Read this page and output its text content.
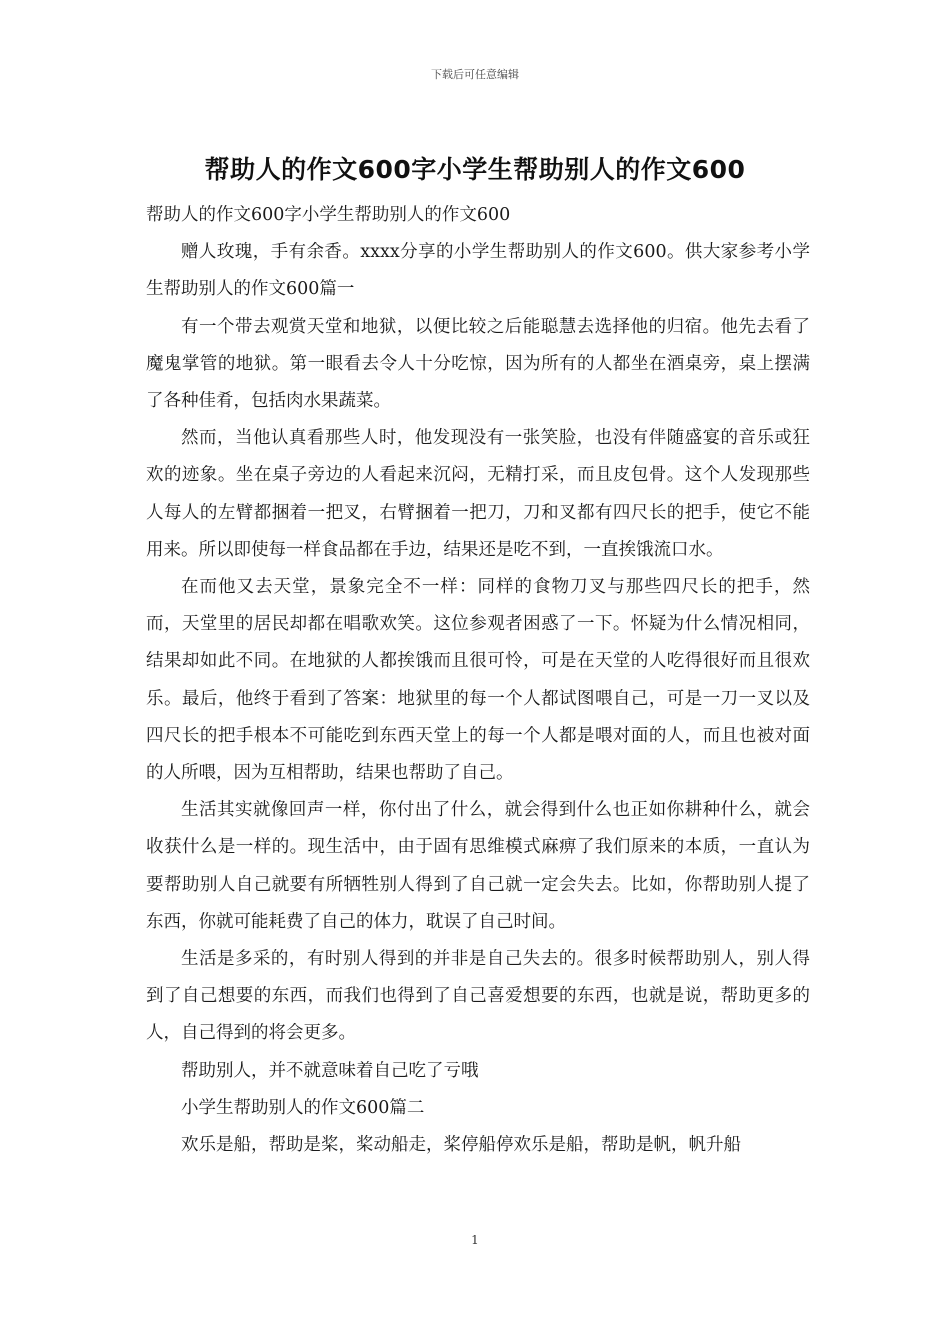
下载后可任意编辑
帮助人的作文600字小学生帮助别人的作文600

帮助人的作文600字小学生帮助别人的作文600

赠人玫瑰，手有余香。xxxx分享的小学生帮助别人的作文600。供大家参考小学生帮助别人的作文600篇一

有一个带去观赏天堂和地狱，以便比较之后能聪慧去选择他的归宿。他先去看了魔鬼掌管的地狱。第一眼看去令人十分吃惊，因为所有的人都坐在酒桌旁，桌上摆满了各种佳肴，包括肉水果蔬菜。

然而，当他认真看那些人时，他发现没有一张笑脸，也没有伴随盛宴的音乐或狂欢的迹象。坐在桌子旁边的人看起来沉闷，无精打采，而且皮包骨。这个人发现那些人每人的左臂都捆着一把叉，右臂捆着一把刀，刀和叉都有四尺长的把手，使它不能用来。所以即使每一样食品都在手边，结果还是吃不到，一直挨饿流口水。

在而他又去天堂，景象完全不一样：同样的食物刀叉与那些四尺长的把手，然而，天堂里的居民却都在唱歌欢笑。这位参观者困惑了一下。怀疑为什么情况相同，结果却如此不同。在地狱的人都挨饿而且很可怜，可是在天堂的人吃得很好而且很欢乐。最后，他终于看到了答案：地狱里的每一个人都试图喂自己，可是一刀一叉以及四尺长的把手根本不可能吃到东西天堂上的每一个人都是喂对面的人，而且也被对面的人所喂，因为互相帮助，结果也帮助了自己。

生活其实就像回声一样，你付出了什么，就会得到什么也正如你耕种什么，就会收获什么是一样的。现生活中，由于固有思维模式麻痹了我们原来的本质，一直认为要帮助别人自己就要有所牺牲别人得到了自己就一定会失去。比如，你帮助别人提了东西，你就可能耗费了自己的体力，耽误了自己时间。

生活是多采的，有时别人得到的并非是自己失去的。很多时候帮助别人，别人得到了自己想要的东西，而我们也得到了自己喜爱想要的东西，也就是说，帮助更多的人，自己得到的将会更多。

帮助别人，并不就意味着自己吃了亏哦

小学生帮助别人的作文600篇二

欢乐是船，帮助是桨，桨动船走，桨停船停欢乐是船，帮助是帆，帆升船

1
